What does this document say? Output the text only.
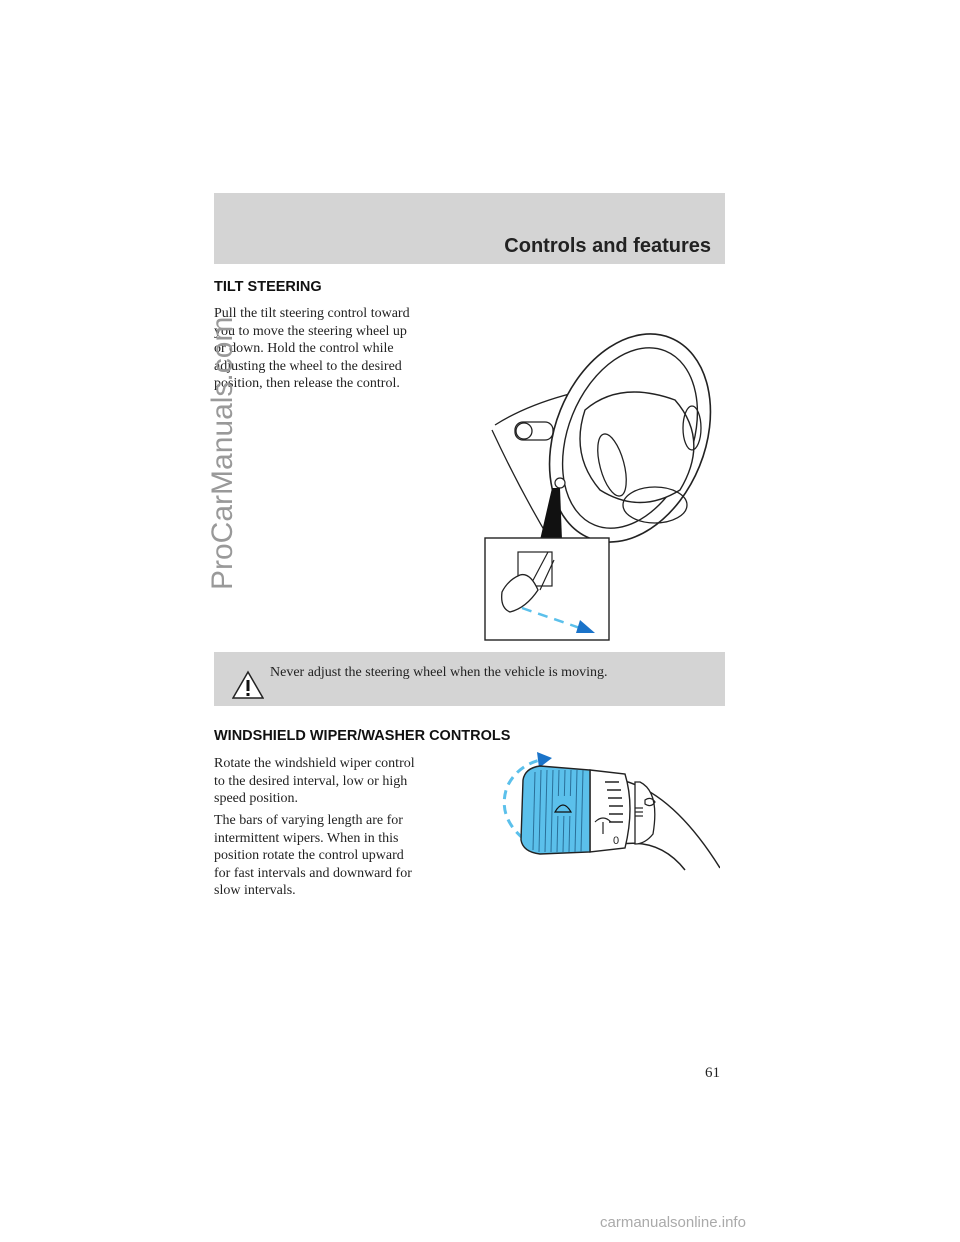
Controls and features
TILT STEERING
Pull the tilt steering control toward
you to move the steering wheel up
or down. Hold the control while
adjusting the wheel to the desired
position, then release the control.

Never adjust the steering wheel when the vehicle is moving.

WINDSHIELD WIPER/WASHER CONTROLS
Rotate the windshield wiper control
to the desired interval, low or high
speed position.
The bars of varying length are for
intermittent wipers. When in this
position rotate the control upward
for fast intervals and downward for
slow intervals.
0
61
ProCarManuals.com
carmanualsonline.info
